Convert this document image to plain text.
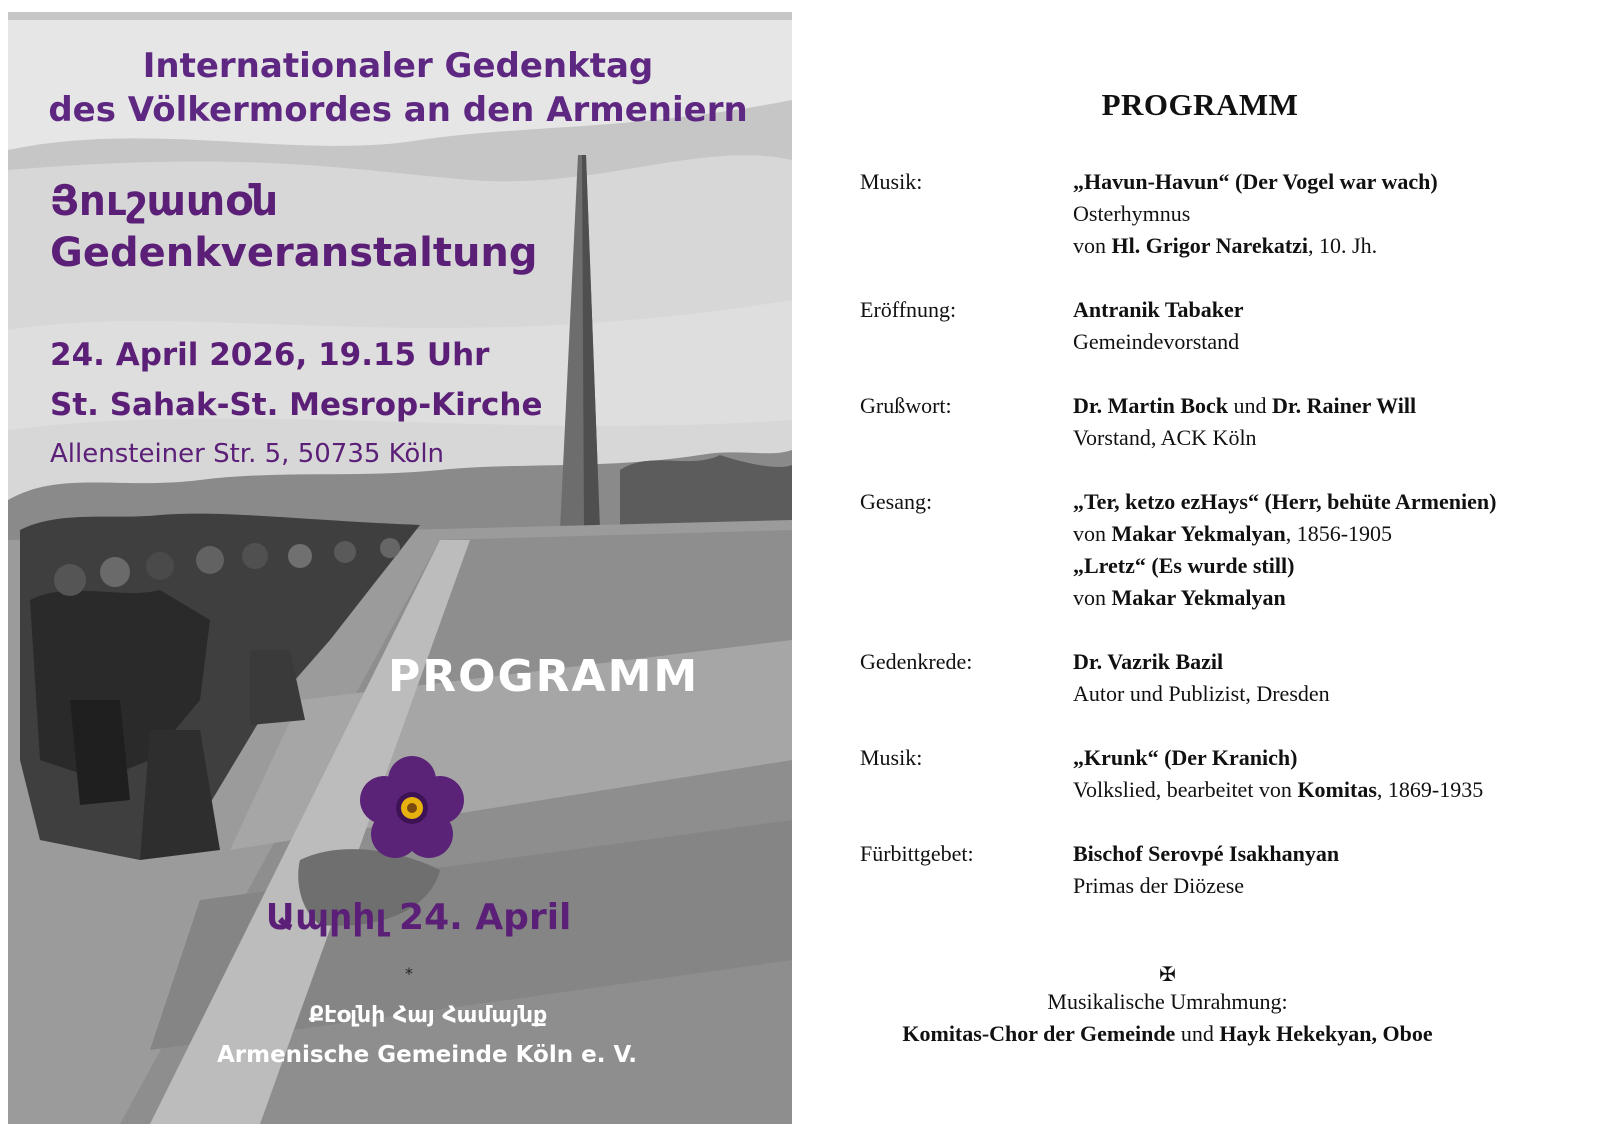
Internationaler Gedenktag
des Völkermordes an den Armeniern
Յուշատօն
Gedenkveranstaltung
24. April 2026, 19.15 Uhr
St. Sahak-St. Mesrop-Kirche
Allensteiner Str. 5, 50735 Köln
PROGRAMM
Ապրիլ 24. April
*
Քէօլնի Հայ Համայնք
Armenische Gemeinde Köln e. V.
PROGRAMM
Musik:	„Havun-Havun“ (Der Vogel war wach)
Osterhymnus
von Hl. Grigor Narekatzi, 10. Jh.
Eröffnung:	Antranik Tabaker
Gemeindevorstand
Grußwort:	Dr. Martin Bock und Dr. Rainer Will
Vorstand, ACK Köln
Gesang:	„Ter, ketzo ezHays“ (Herr, behüte Armenien)
von Makar Yekmalyan, 1856-1905
„Lretz“ (Es wurde still)
von Makar Yekmalyan
Gedenkrede:	Dr. Vazrik Bazil
Autor und Publizist, Dresden
Musik:	„Krunk“ (Der Kranich)
Volkslied, bearbeitet von Komitas, 1869-1935
Fürbittgebet:	Bischof Serovpé Isakhanyan
Primas der Diözese
✠
Musikalische Umrahmung:
Komitas-Chor der Gemeinde und Hayk Hekekyan, Oboe
